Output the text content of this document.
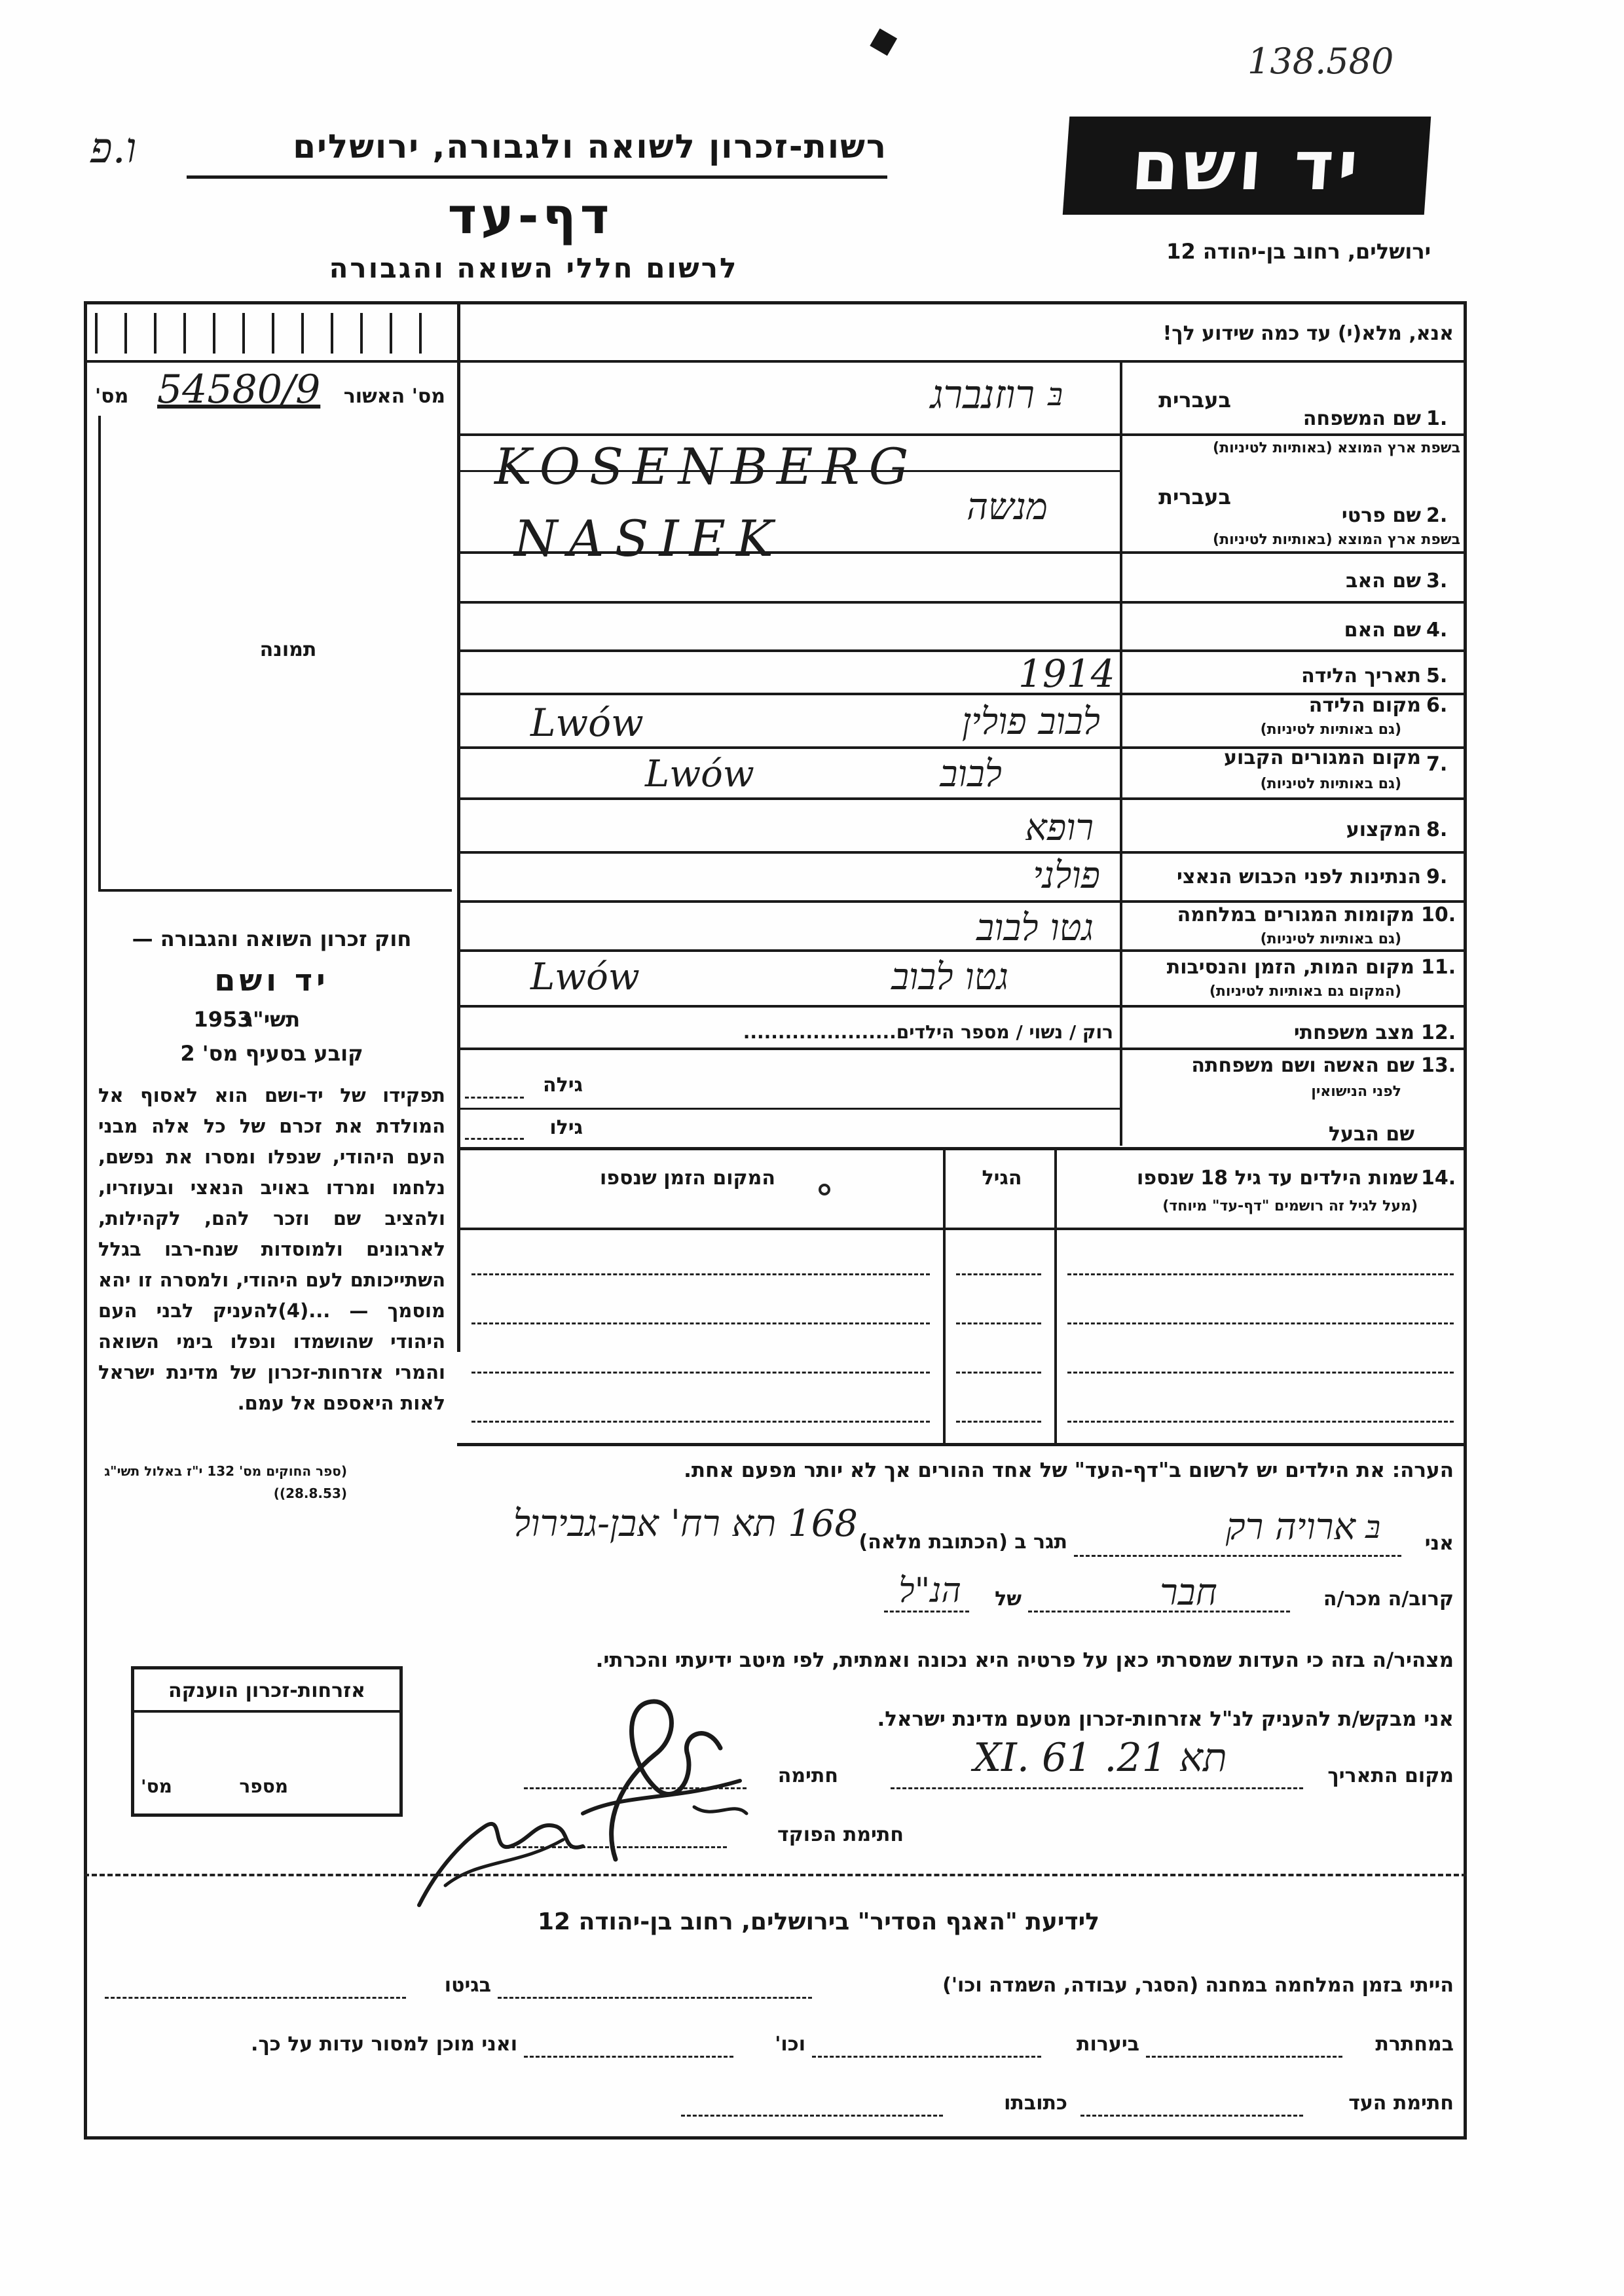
138.580
■
רשות-זכרון לשואה ולגבורה, ירושלים
ו.פ
דף-עד
לרשום חללי השואה והגבורה
יד ושם
ירושלים, רחוב בן-יהודה 12
אנא, מלא(י) עד כמה שידוע לך!
מס' האשור
מס' 54580/9
תמונה
חוק זכרון השואה והגבורה —
יד ושם
תשי"ג
1953
קובע בסעיף מס' 2
תפקידו של יד-ושם הוא לאסוף אל המולדת את זכרם של כל אלה מבני העם היהודי, שנפלו ומסרו את נפשם, נלחמו ומרדו באויב הנאצי ובעוזריו, ולהציב שם וזכר להם, לקהילות, לארגונים ולמוסדות שנח-רבו בגלל השתייכותם לעם היהודי, ולמסרה זו יהא מוסמך — ...(4)להעניק לבני העם היהודי שהושמדו ונפלו בימי השואה והמרי אזרחות-זכרון של מדינת ישראל לאות היאספם אל עמם.
(ספר החוקים מס' 132 י"ז באלול תשי"ג (28.8.53))
בעברית
1.
שם המשפחה
בשפת ארץ המוצא (באותיות לטיניות)
רוזנברג בּ
KOSENBERG
בעברית
2.
שם פרטי
בשפת ארץ המוצא (באותיות לטיניות)
מנשה
NASIEK
3.
שם האב
4.
שם האם
5.
תאריך הלידה
1914
6.
מקום הלידה
(גם באותיות לטיניות)
לבוב פולין
Lwów
7.
מקום המגורים הקבוע
(גם באותיות לטיניות)
לבוב
Lwów
8.
המקצוע
רופא
9.
הנתינות לפני הכבוש הנאצי
פולני
10.
מקומות המגורים במלחמה
(גם באותיות לטיניות)
גטו לבוב
11.
מקום המות, הזמן והנסיבות
(המקום גם באותיות לטיניות)
גטו לבוב
Lwów
12.
מצב משפחתי
רוק / נשוי / מספר הילדים......................
13.
שם האשה ושם משפחתה
לפני הנישואין
גילה
שם הבעל
גילו
14.
שמות הילדים עד גיל 18 שנספו
(מעל לגיל זה רושמים "דף-עד" מיוחד)
הגיל
המקום הזמן שנספו
הערה: את הילדים יש לרשום ב"דף-העד" של אחד ההורים אך לא יותר מפעם אחת.
אני
בּ
ארויה רק
תגר ב (הכתובת מלאה)
168 תא רח' אבן-גבירול
קרוב/ה מכר/ה
חבר
של
הנ"ל
מצהיר/ה בזה כי העדות שמסרתי כאן על פרטיה היא נכונה ואמתית, לפי מיטב ידיעתי והכרתי.
אני מבקש/ת להעניק לנ"ל אזרחות-זכרון מטעם מדינת ישראל.
מקום התאריך
תא 21. XI. 61
חתימה
חתימת הפוקד
אזרחות-זכרון הוענקה
מספר
מס'
לידיעת "האגף הסדיר" בירושלים, רחוב בן-יהודה 12
הייתי בזמן המלחמה במחנה (הסגר, עבודה, השמדה וכו')
בגיטו
במחתרת
ביערות
וכו'
ואני מוכן למסור עדות על כך.
חתימת העד
כתובתו
